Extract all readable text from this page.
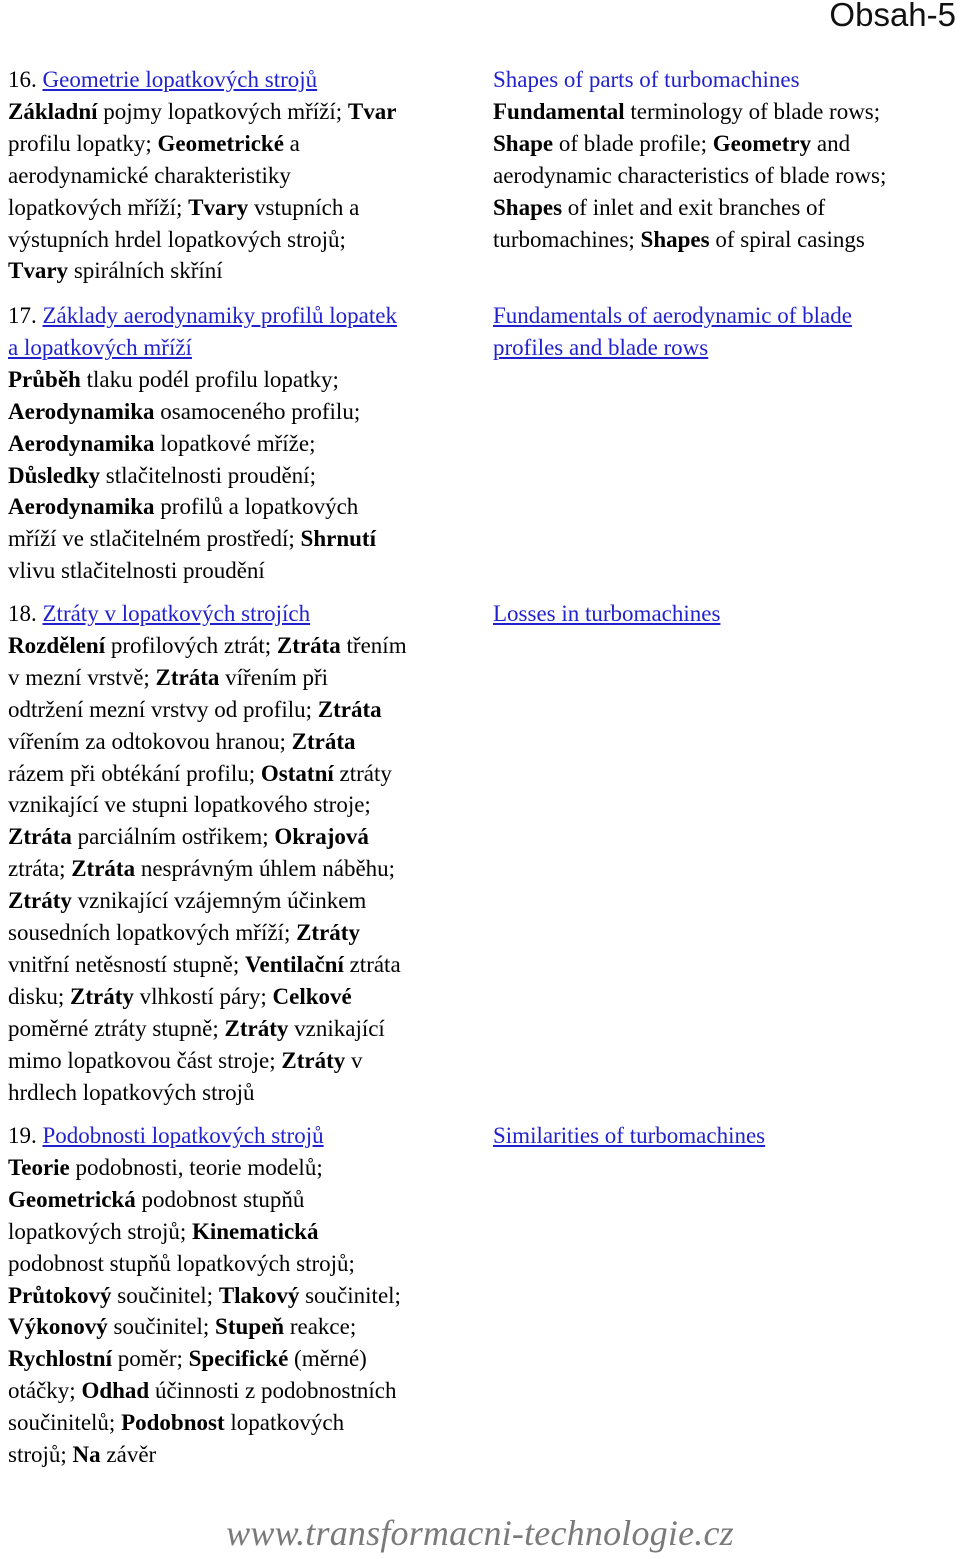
Obsah-5
16. Geometrie lopatkových strojů
Základní pojmy lopatkových mříží; Tvar
profilu lopatky; Geometrické a
aerodynamické charakteristiky
lopatkových mříží; Tvary vstupních a
výstupních hrdel lopatkových strojů;
Tvary spirálních skříní
Shapes of parts of turbomachines
Fundamental terminology of blade rows;
Shape of blade profile; Geometry and
aerodynamic characteristics of blade rows;
Shapes of inlet and exit branches of
turbomachines; Shapes of spiral casings
17. Základy aerodynamiky profilů lopatek
a lopatkových mříží
Průběh tlaku podél profilu lopatky;
Aerodynamika osamoceného profilu;
Aerodynamika lopatkové mříže;
Důsledky stlačitelnosti proudění;
Aerodynamika profilů a lopatkových
mříží ve stlačitelném prostředí; Shrnutí
vlivu stlačitelnosti proudění
Fundamentals of aerodynamic of blade
profiles and blade rows
18. Ztráty v lopatkových strojích
Rozdělení profilových ztrát; Ztráta třením
v mezní vrstvě; Ztráta vířením při
odtržení mezní vrstvy od profilu; Ztráta
vířením za odtokovou hranou; Ztráta
rázem při obtékání profilu; Ostatní ztráty
vznikající ve stupni lopatkového stroje;
Ztráta parciálním ostřikem; Okrajová
ztráta; Ztráta nesprávným úhlem náběhu;
Ztráty vznikající vzájemným účinkem
sousedních lopatkových mříží; Ztráty
vnitřní netěsností stupně; Ventilační ztráta
disku; Ztráty vlhkostí páry; Celkové
poměrné ztráty stupně; Ztráty vznikající
mimo lopatkovou část stroje; Ztráty v
hrdlech lopatkových strojů
Losses in turbomachines
19. Podobnosti lopatkových strojů
Teorie podobnosti, teorie modelů;
Geometrická podobnost stupňů
lopatkových strojů; Kinematická
podobnost stupňů lopatkových strojů;
Průtokový součinitel; Tlakový součinitel;
Výkonový součinitel; Stupeň reakce;
Rychlostní poměr; Specifické (měrné)
otáčky; Odhad účinnosti z podobnostních
součinitelů; Podobnost lopatkových
strojů; Na závěr
Similarities of turbomachines
www.transformacni-technologie.cz
